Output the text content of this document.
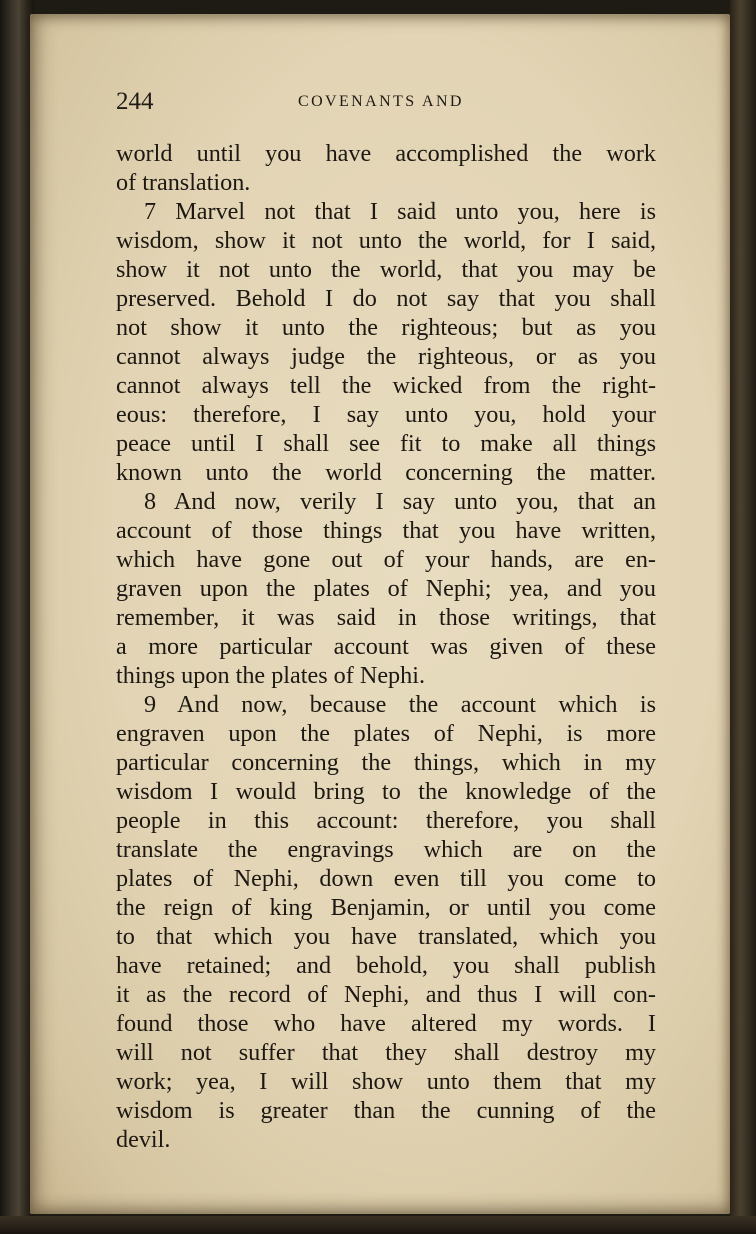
244	COVENANTS AND
world until you have accomplished the work
of translation.
7 Marvel not that I said unto you, here is
wisdom, show it not unto the world, for I said,
show it not unto the world, that you may be
preserved. Behold I do not say that you shall
not show it unto the righteous; but as you
cannot always judge the righteous, or as you
cannot always tell the wicked from the right-
eous: therefore, I say unto you, hold your
peace until I shall see fit to make all things
known unto the world concerning the matter.
8 And now, verily I say unto you, that an
account of those things that you have written,
which have gone out of your hands, are en-
graven upon the plates of Nephi; yea, and you
remember, it was said in those writings, that
a more particular account was given of these
things upon the plates of Nephi.
9 And now, because the account which is
engraven upon the plates of Nephi, is more
particular concerning the things, which in my
wisdom I would bring to the knowledge of the
people in this account: therefore, you shall
translate the engravings which are on the
plates of Nephi, down even till you come to
the reign of king Benjamin, or until you come
to that which you have translated, which you
have retained; and behold, you shall publish
it as the record of Nephi, and thus I will con-
found those who have altered my words. I
will not suffer that they shall destroy my
work; yea, I will show unto them that my
wisdom is greater than the cunning of the
devil.
